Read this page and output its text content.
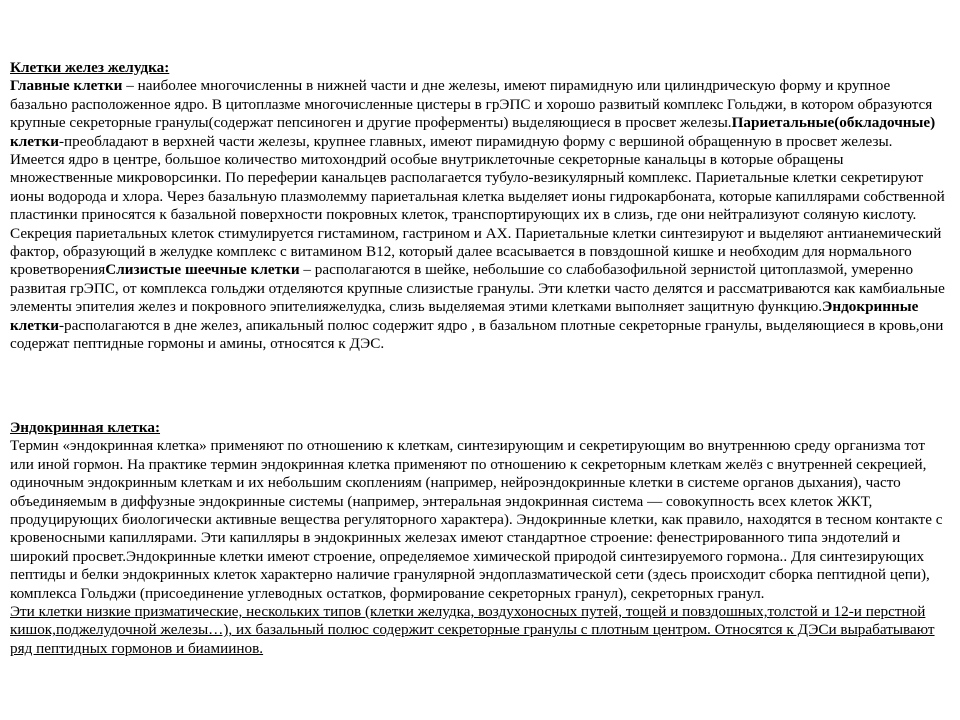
Клетки желез желудка:
Главные клетки – наиболее многочисленны в нижней части и дне железы, имеют пирамидную или цилиндрическую форму и крупное базально расположенное ядро. В цитоплазме многочисленные цистеры в грЭПС и хорошо развитый комплекс Гольджи, в котором образуются крупные секреторные гранулы(содержат пепсиноген и другие проферменты) выделяющиеся в просвет железы.Париетальные(обкладочные) клетки-преобладают в верхней части железы, крупнее главных, имеют пирамидную форму с вершиной обращенную в просвет железы. Имеется ядро в центре, большое количество митохондрий особые внутриклеточные секреторные канальцы в которые обращены множественные микроворсинки. По переферии канальцев располагается тубуло-везикулярный комплекс. Париетальные клетки секретируют ионы водорода и хлора. Через базальную плазмолемму париетальная клетка выделяет ионы гидрокарбоната, которые капиллярами собственной пластинки приносятся к базальной поверхности покровных клеток, транспортирующих их в слизь, где они нейтрализуют соляную кислоту. Секреция париетальных клеток стимулируется гистамином, гастрином и АХ. Париетальные клетки синтезируют и выделяют антианемический фактор, образующий в желудке комплекс с витамином В12, который далее всасывается в повздошной кишке и необходим для нормального кроветворенияСлизистые шеечные клетки – располагаются в шейке, небольшие со слабобазофильной зернистой цитоплазмой, умеренно развитая грЭПС, от комплекса гольджи отделяются крупные слизистые гранулы. Эти клетки часто делятся и рассматриваются как камбиальные элементы эпителия желез и покровного эпителияжелудка, слизь выделяемая этими клетками выполняет защитную функцию.Эндокринные клетки-располагаются в дне желез, апикальный полюс содержит ядро , в базальном плотные секреторные гранулы, выделяющиеся в кровь,они содержат пептидные гормоны и амины, относятся к ДЭС.
Эндокринная клетка:
Термин «эндокринная клетка» применяют по отношению к клеткам, синтезирующим и секретирующим во внутреннюю среду организма тот или иной гормон. На практике термин эндокринная клетка применяют по отношению к секреторным клеткам желёз с внутренней секрецией, одиночным эндокринным клеткам и их небольшим скоплениям (например, нейроэндокринные клетки в системе органов дыхания), часто объединяемым в диффузные эндокринные системы (например, энтеральная эндокринная система — совокупность всех клеток ЖКТ, продуцирующих биологически активные вещества регуляторного характера). Эндокринные клетки, как правило, находятся в тесном контакте с кровеносными капиллярами. Эти капилляры в эндокринных железах имеют стандартное строение: фенестрированного типа эндотелий и широкий просвет.Эндокринные клетки имеют строение, определяемое химической природой синтезируемого гормона.. Для синтезирующих пептиды и белки эндокринных клеток характерно наличие гранулярной эндоплазматической сети (здесь происходит сборка пептидной цепи), комплекса Гольджи (присоединение углеводных остатков, формирование секреторных гранул), секреторных гранул.
Эти клетки низкие призматические, нескольких типов (клетки желудка, воздухоносных путей, тощей и повздошных,толстой и 12-и перстной кишок,поджелудочной железы…), их базальный полюс содержит секреторные гранулы с плотным центром. Относятся к ДЭСи вырабатывают ряд пептидных гормонов и биамиинов.
